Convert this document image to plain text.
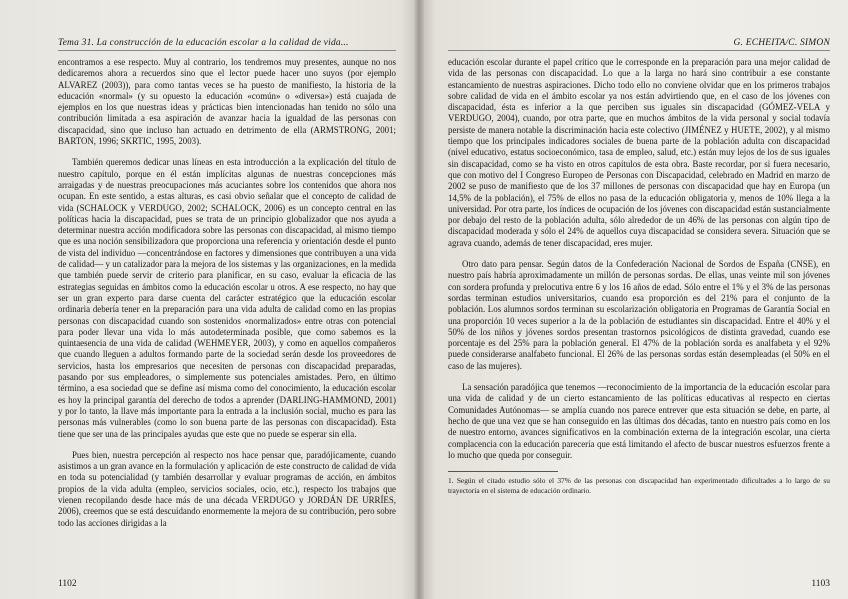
Tema 31. La construcción de la educación escolar a la calidad de vida...

encontramos a ese respecto. Muy al contrario, los tendremos muy presentes, aunque no nos dedicaremos ahora a recuerdos sino que el lector puede hacer uno suyos (por ejemplo ALVAREZ (2003)), para como tantas veces se ha puesto de manifiesto, la historia de la educación «normal» (y su opuesto la educación «común» o «diversa») está cuajada de ejemplos en los que nuestras ideas y prácticas bien intencionadas han tenido no sólo una contribución limitada a esa aspiración de avanzar hacia la igualdad de las personas con discapacidad, sino que incluso han actuado en detrimento de ella (ARMSTRONG, 2001; BARTON, 1996; SKRTIC, 1995, 2003).

También queremos dedicar unas líneas en esta introducción a la explicación del título de nuestro capítulo, porque en él están implícitas algunas de nuestras concepciones más arraigadas y de nuestras preocupaciones más acuciantes sobre los contenidos que ahora nos ocupan. En este sentido, a estas alturas, es casi obvio señalar que el concepto de calidad de vida (SCHALOCK y VERDUGO, 2002; SCHALOCK, 2006) es un concepto central en las políticas hacia la discapacidad, pues se trata de un principio globalizador que nos ayuda a determinar nuestra acción modificadora sobre las personas con discapacidad, al mismo tiempo que es una noción sensibilizadora que proporciona una referencia y orientación desde el punto de vista del individuo —concentrándose en factores y dimensiones que contribuyen a una vida de calidad— y un catalizador para la mejora de los sistemas y las organizaciones, en la medida que también puede servir de criterio para planificar, en su caso, evaluar la eficacia de las estrategias seguidas en ámbitos como la educación escolar u otros. A ese respecto, no hay que ser un gran experto para darse cuenta del carácter estratégico que la educación escolar ordinaria debería tener en la preparación para una vida adulta de calidad como en las propias personas con discapacidad cuando son sostenidos «normalizados» entre otras con potencial para poder llevar una vida lo más autodeterminada posible, que como sabemos es la quintaesencia de una vida de calidad (WEHMEYER, 2003), y como en aquellos compañeros que cuando lleguen a adultos formando parte de la sociedad serán desde los proveedores de servicios, hasta los empresarios que necesiten de personas con discapacidad preparadas, pasando por sus empleadores, o simplemente sus potenciales amistades. Pero, en último término, a esa sociedad que se define así misma como del conocimiento, la educación escolar es hoy la principal garantía del derecho de todos a aprender (DARLING-HAMMOND, 2001) y por lo tanto, la llave más importante para la entrada a la inclusión social, mucho es para las personas más vulnerables (como lo son buena parte de las personas con discapacidad). Esta tiene que ser una de las principales ayudas que este que no puede se esperar sin ella.

Pues bien, nuestra percepción al respecto nos hace pensar que, paradójicamente, cuando asistimos a un gran avance en la formulación y aplicación de este constructo de calidad de vida en toda su potencialidad (y también desarrollar y evaluar programas de acción, en ámbitos propios de la vida adulta (empleo, servicios sociales, ocio, etc.), respecto los trabajos que vienen recopilando desde hace más de una década VERDUGO y JORDÁN DE URRÍES, 2006), creemos que se está descuidando enormemente la mejora de su contribución, pero sobre todo las acciones dirigidas a la

1102
G. ECHEITA/C. SIMÓN

educación escolar durante el papel crítico que le corresponde en la preparación para una mejor calidad de vida de las personas con discapacidad. Lo que a la larga no hará sino contribuir a ese constante estancamiento de nuestras aspiraciones. Dicho todo ello no conviene olvidar que en los primeros trabajos sobre calidad de vida en el ámbito escolar ya nos están advirtiendo que, en el caso de los jóvenes con discapacidad, ésta es inferior a la que perciben sus iguales sin discapacidad (GÓMEZ-VELA y VERDUGO, 2004), cuando, por otra parte, que en muchos ámbitos de la vida personal y social todavía persiste de manera notable la discriminación hacia este colectivo (JIMÉNEZ y HUETE, 2002), y al mismo tiempo que los principales indicadores sociales de buena parte de la población adulta con discapacidad (nivel educativo, estatus socioeconómico, tasa de empleo, salud, etc.) están muy lejos de los de sus iguales sin discapacidad, como se ha visto en otros capítulos de esta obra. Baste recordar, por si fuera necesario, que con motivo del I Congreso Europeo de Personas con Discapacidad, celebrado en Madrid en marzo de 2002 se puso de manifiesto que de los 37 millones de personas con discapacidad que hay en Europa (un 14,5% de la población), el 75% de ellos no pasa de la educación obligatoria y, menos de 10% llega a la universidad. Por otra parte, los índices de ocupación de los jóvenes con discapacidad están sustancialmente por debajo del resto de la población adulta, sólo alrededor de un 46% de las personas con algún tipo de discapacidad moderada y sólo el 24% de aquellos cuya discapacidad se considera severa. Situación que se agrava cuando, además de tener discapacidad, eres mujer.

Otro dato para pensar. Según datos de la Confederación Nacional de Sordos de España (CNSE), en nuestro país habría aproximadamente un millón de personas sordas. De ellas, unas veinte mil son jóvenes con sordera profunda y prelocutiva entre 6 y los 16 años de edad. Sólo entre el 1% y el 3% de las personas sordas terminan estudios universitarios, cuando esa proporción es del 21% para el conjunto de la población. Los alumnos sordos terminan su escolarización obligatoria en Programas de Garantía Social en una proporción 10 veces superior a la de la población de estudiantes sin discapacidad. Entre el 40% y el 50% de los niños y jóvenes sordos presentan trastornos psicológicos de distinta gravedad, cuando ese porcentaje es del 25% para la población general. El 47% de la población sorda es analfabeta y el 92% puede considerarse analfabeto funcional. El 26% de las personas sordas están desempleadas (el 50% en el caso de las mujeres).

La sensación paradójica que tenemos —reconocimiento de la importancia de la educación escolar para una vida de calidad y de un cierto estancamiento de las políticas educativas al respecto en ciertas Comunidades Autónomas— se amplía cuando nos parece entrever que esta situación se debe, en parte, al hecho de que una vez que se han conseguido en las últimas dos décadas, tanto en nuestro país como en los de nuestro entorno, avances significativos en la combinación externa de la integración escolar, una cierta complacencia con la educación parecería que está limitando el afecto de buscar nuestros esfuerzos frente a lo mucho que queda por conseguir.

1. Según el citado estudio sólo el 37% de las personas con discapacidad han experimentado dificultades a lo largo de su trayectoria en el sistema de educación ordinario.
1103
